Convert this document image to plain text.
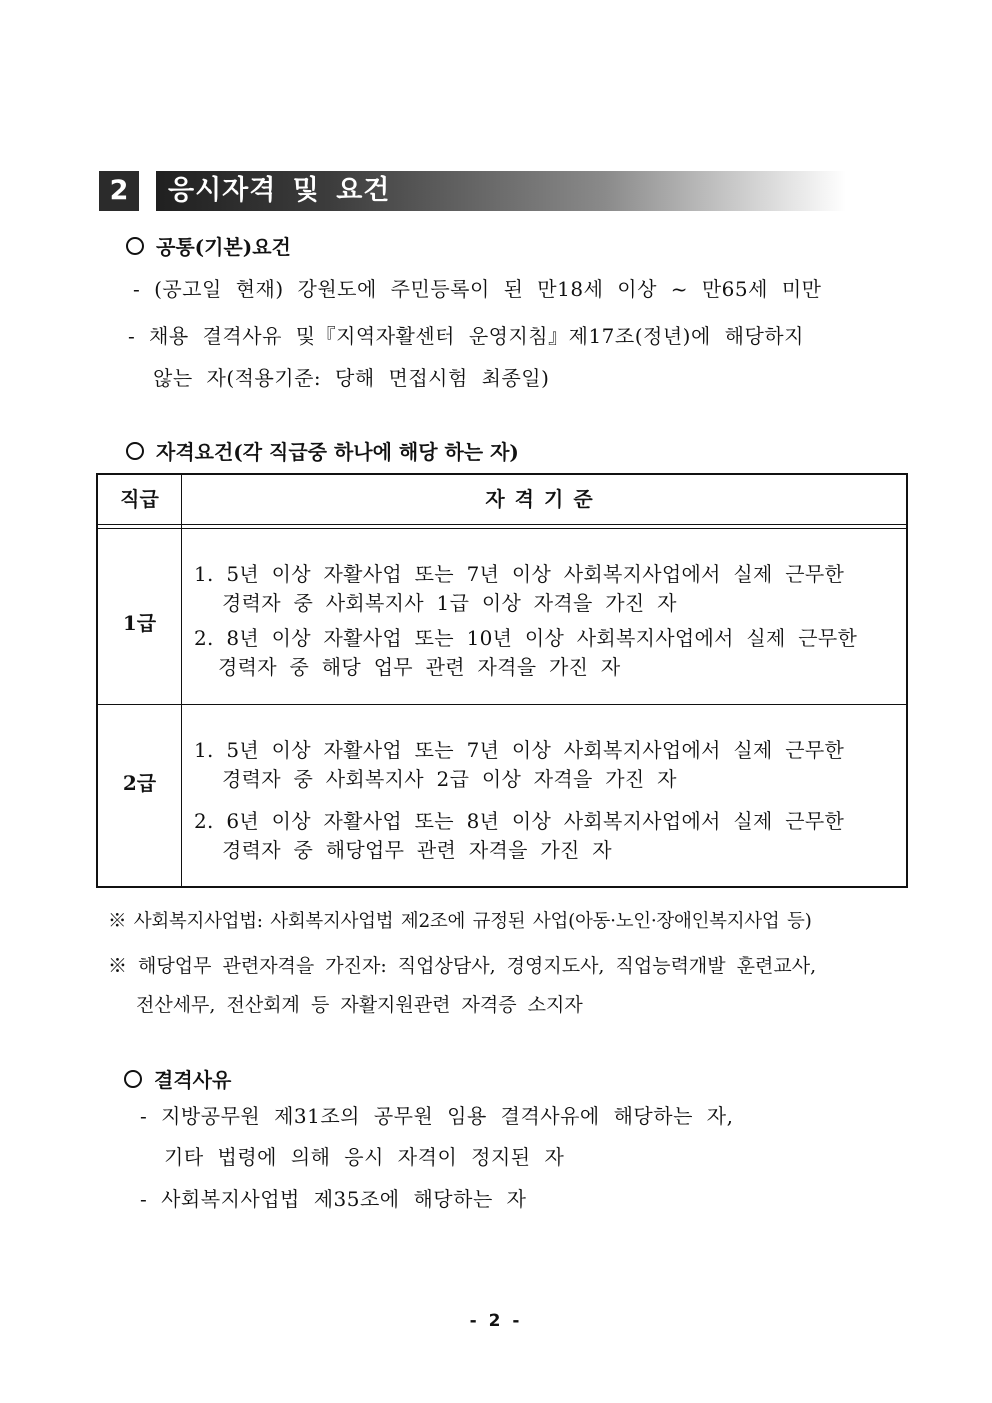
2	응시자격 및 요건
공통(기본)요건
- (공고일 현재) 강원도에 주민등록이 된 만18세 이상 ~ 만65세 미만
- 채용 결격사유 및『지역자활센터 운영지침』제17조(정년)에 해당하지
않는 자(적용기준: 당해 면접시험 최종일)
자격요건(각 직급중 하나에 해당 하는 자)
직급	자격기준
1급
1. 5년 이상 자활사업 또는 7년 이상 사회복지사업에서 실제 근무한
경력자 중 사회복지사 1급 이상 자격을 가진 자
2. 8년 이상 자활사업 또는 10년 이상 사회복지사업에서 실제 근무한
경력자 중 해당 업무 관련 자격을 가진 자
2급
1. 5년 이상 자활사업 또는 7년 이상 사회복지사업에서 실제 근무한
경력자 중 사회복지사 2급 이상 자격을 가진 자
2. 6년 이상 자활사업 또는 8년 이상 사회복지사업에서 실제 근무한
경력자 중 해당업무 관련 자격을 가진 자
※ 사회복지사업법: 사회복지사업법 제2조에 규정된 사업(아동·노인·장애인복지사업 등)
※ 해당업무 관련자격을 가진자: 직업상담사, 경영지도사, 직업능력개발 훈련교사,
전산세무, 전산회계 등 자활지원관련 자격증 소지자
결격사유
- 지방공무원 제31조의 공무원 임용 결격사유에 해당하는 자,
기타 법령에 의해 응시 자격이 정지된 자
- 사회복지사업법 제35조에 해당하는 자
- 2 -
